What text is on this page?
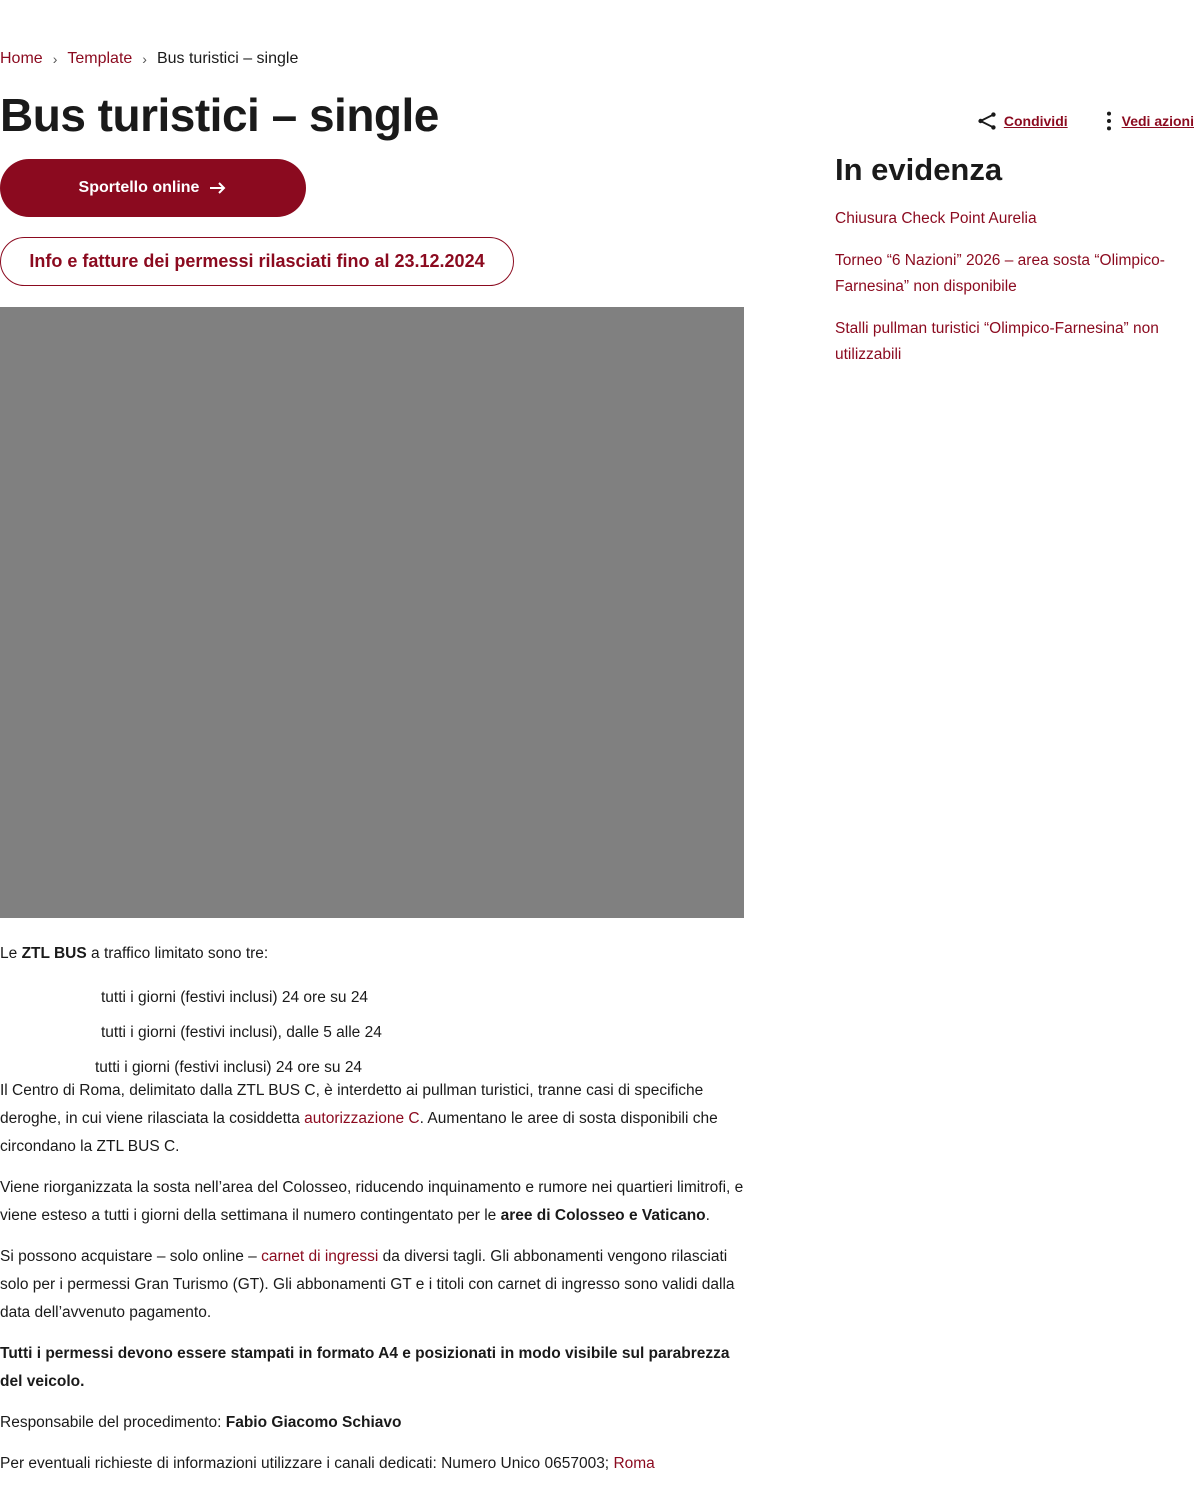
Home › Template › Bus turistici – single
Bus turistici – single	Condividi	Vedi azioni
Sportello online
Info e fatture dei permessi rilasciati fino al 23.12.2024

Le ZTL BUS a traffico limitato sono tre:

tutti i giorni (festivi inclusi) 24 ore su 24
tutti i giorni (festivi inclusi), dalle 5 alle 24
tutti i giorni (festivi inclusi) 24 ore su 24

Il Centro di Roma, delimitato dalla ZTL BUS C, è interdetto ai pullman turistici, tranne casi di specifiche deroghe, in cui viene rilasciata la cosiddetta autorizzazione C. Aumentano le aree di sosta disponibili che circondano la ZTL BUS C.

Viene riorganizzata la sosta nell’area del Colosseo, riducendo inquinamento e rumore nei quartieri limitrofi, e viene esteso a tutti i giorni della settimana il numero contingentato per le aree di Colosseo e Vaticano.

Si possono acquistare – solo online – carnet di ingressi da diversi tagli. Gli abbonamenti vengono rilasciati solo per i permessi Gran Turismo (GT). Gli abbonamenti GT e i titoli con carnet di ingresso sono validi dalla data dell’avvenuto pagamento.

Tutti i permessi devono essere stampati in formato A4 e posizionati in modo visibile sul parabrezza del veicolo.

Responsabile del procedimento: Fabio Giacomo Schiavo

Per eventuali richieste di informazioni utilizzare i canali dedicati: Numero Unico 0657003; Roma

In evidenza
Chiusura Check Point Aurelia
Torneo “6 Nazioni” 2026 – area sosta “Olimpico-Farnesina” non disponibile
Stalli pullman turistici “Olimpico-Farnesina” non utilizzabili
